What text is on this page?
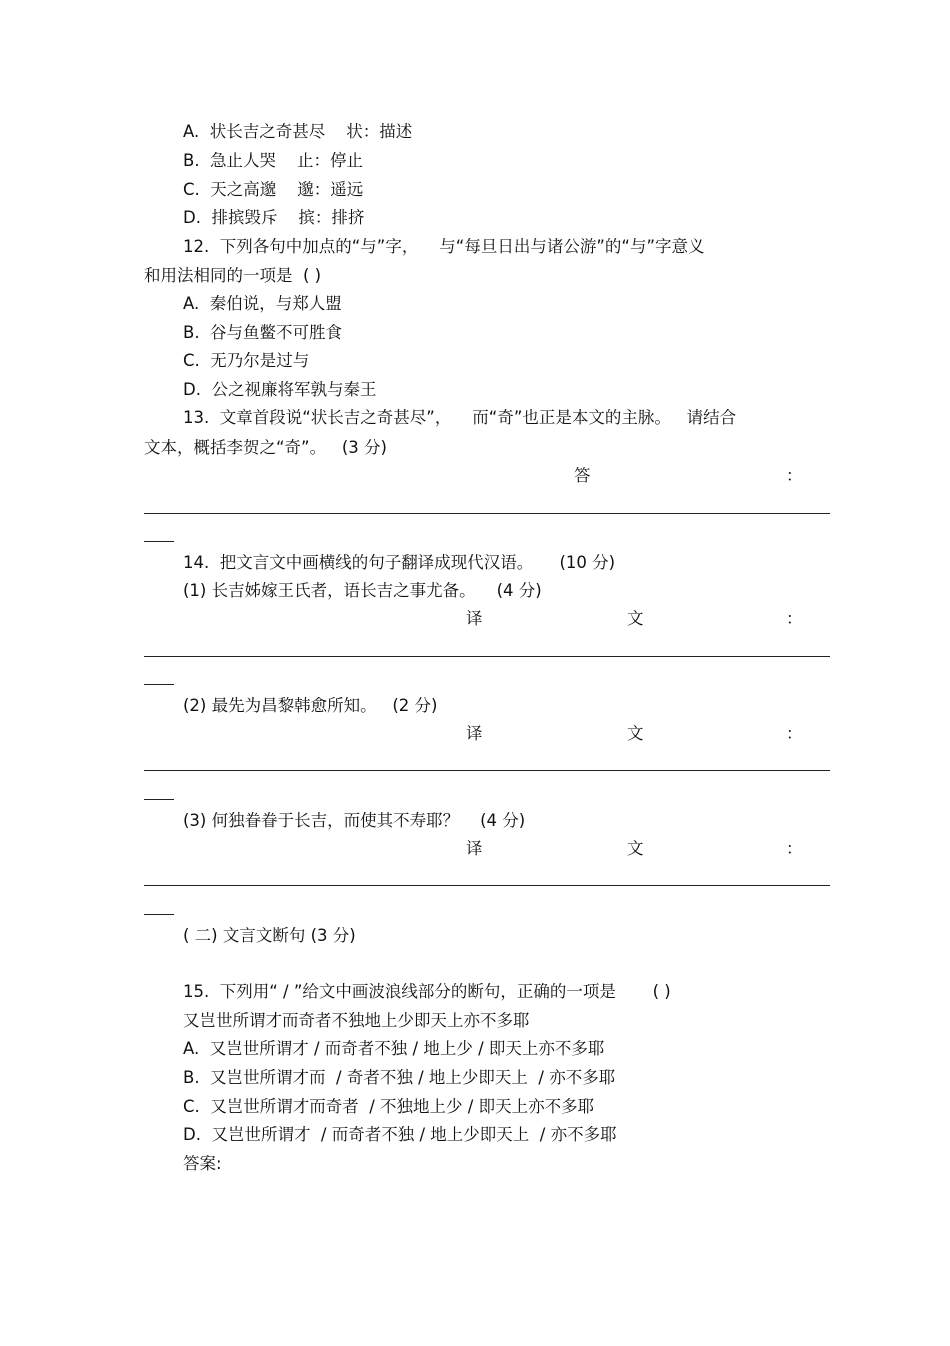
A.  状长吉之奇甚尽    状：描述
B.  急止人哭    止：停止
C.  天之高邈    邈：遥远
D.  排摈毁斥    摈：排挤
12.  下列各句中加点的“与”字，    与“每旦日出与诸公游”的“与”字意义
和用法相同的一项是  ( )
A.  秦伯说，与郑人盟
B.  谷与鱼鳖不可胜食
C.  无乃尔是过与
D.  公之视廉将军孰与秦王
13.  文章首段说“状长吉之奇甚尽”，    而“奇”也正是本文的主脉。   请结合
文本，概括李贺之“奇”。   (3 分)
答	：
14.  把文言文中画横线的句子翻译成现代汉语。     (10 分)
(1) 长吉姊嫁王氏者，语长吉之事尤备。    (4 分)
译	文	：
(2) 最先为昌黎韩愈所知。   (2 分)
译	文	：
(3) 何独眷眷于长吉，而使其不寿耶？    (4 分)
译	文	：
( 二) 文言文断句 (3 分)
15.  下列用“ / ”给文中画波浪线部分的断句，正确的一项是       ( )
又岂世所谓才而奇者不独地上少即天上亦不多耶
A.  又岂世所谓才 / 而奇者不独 / 地上少 / 即天上亦不多耶
B.  又岂世所谓才而  / 奇者不独 / 地上少即天上  / 亦不多耶
C.  又岂世所谓才而奇者  / 不独地上少 / 即天上亦不多耶
D.  又岂世所谓才  / 而奇者不独 / 地上少即天上  / 亦不多耶
答案:
